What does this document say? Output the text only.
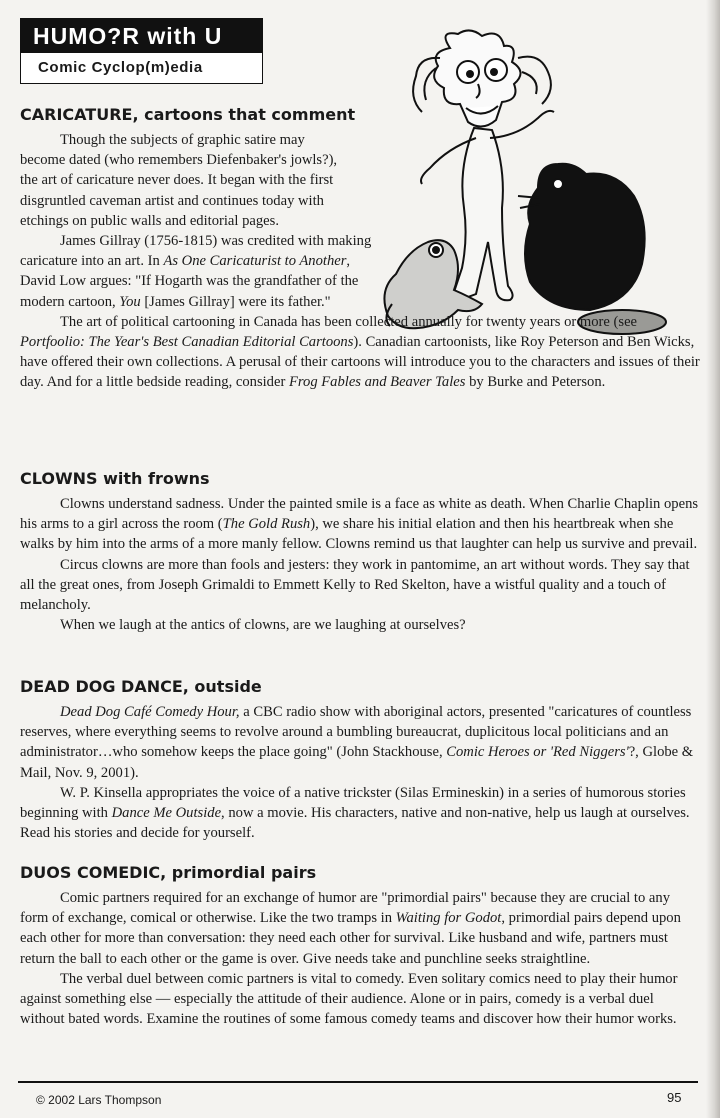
HUMO?R with U
Comic Cyclop(m)edia
CARICATURE, cartoons that comment

Though the subjects of graphic satire may become dated (who remembers Diefenbaker's jowls?), the art of caricature never does. It began with the first disgruntled caveman artist and continues today with etchings on public walls and editorial pages.

James Gillray (1756-1815) was credited with making caricature into an art. In As One Caricaturist to Another, David Low argues: "If Hogarth was the grandfather of the modern cartoon, You [James Gillray] were its father."

The art of political cartooning in Canada has been collected annually for twenty years or more (see Portfoolio: The Year's Best Canadian Editorial Cartoons). Canadian cartoonists, like Roy Peterson and Ben Wicks, have offered their own collections. A perusal of their cartoons will introduce you to the characters and issues of their day. And for a little bedside reading, consider Frog Fables and Beaver Tales by Burke and Peterson.

CLOWNS with frowns

Clowns understand sadness. Under the painted smile is a face as white as death. When Charlie Chaplin opens his arms to a girl across the room (The Gold Rush), we share his initial elation and then his heartbreak when she walks by him into the arms of a more manly fellow. Clowns remind us that laughter can help us survive and prevail.

Circus clowns are more than fools and jesters: they work in pantomime, an art without words. They say that all the great ones, from Joseph Grimaldi to Emmett Kelly to Red Skelton, have a wistful quality and a touch of melancholy.

When we laugh at the antics of clowns, are we laughing at ourselves?

DEAD DOG DANCE, outside

Dead Dog Café Comedy Hour, a CBC radio show with aboriginal actors, presented "caricatures of countless reserves, where everything seems to revolve around a bumbling bureaucrat, duplicitous local politicians and an administrator…who somehow keeps the place going" (John Stackhouse, Comic Heroes or 'Red Niggers'?, Globe & Mail, Nov. 9, 2001).

W. P. Kinsella appropriates the voice of a native trickster (Silas Ermineskin) in a series of humorous stories beginning with Dance Me Outside, now a movie. His characters, native and non-native, help us laugh at ourselves. Read his stories and decide for yourself.

DUOS COMEDIC, primordial pairs

Comic partners required for an exchange of humor are "primordial pairs" because they are crucial to any form of exchange, comical or otherwise. Like the two tramps in Waiting for Godot, primordial pairs depend upon each other for more than conversation: they need each other for survival. Like husband and wife, partners must return the ball to each other or the game is over. Give needs take and punchline seeks straightline.

The verbal duel between comic partners is vital to comedy. Even solitary comics need to play their humor against something else — especially the attitude of their audience. Alone or in pairs, comedy is a verbal duel without bated words. Examine the routines of some famous comedy teams and discover how their humor works.

© 2002 Lars Thompson	95
